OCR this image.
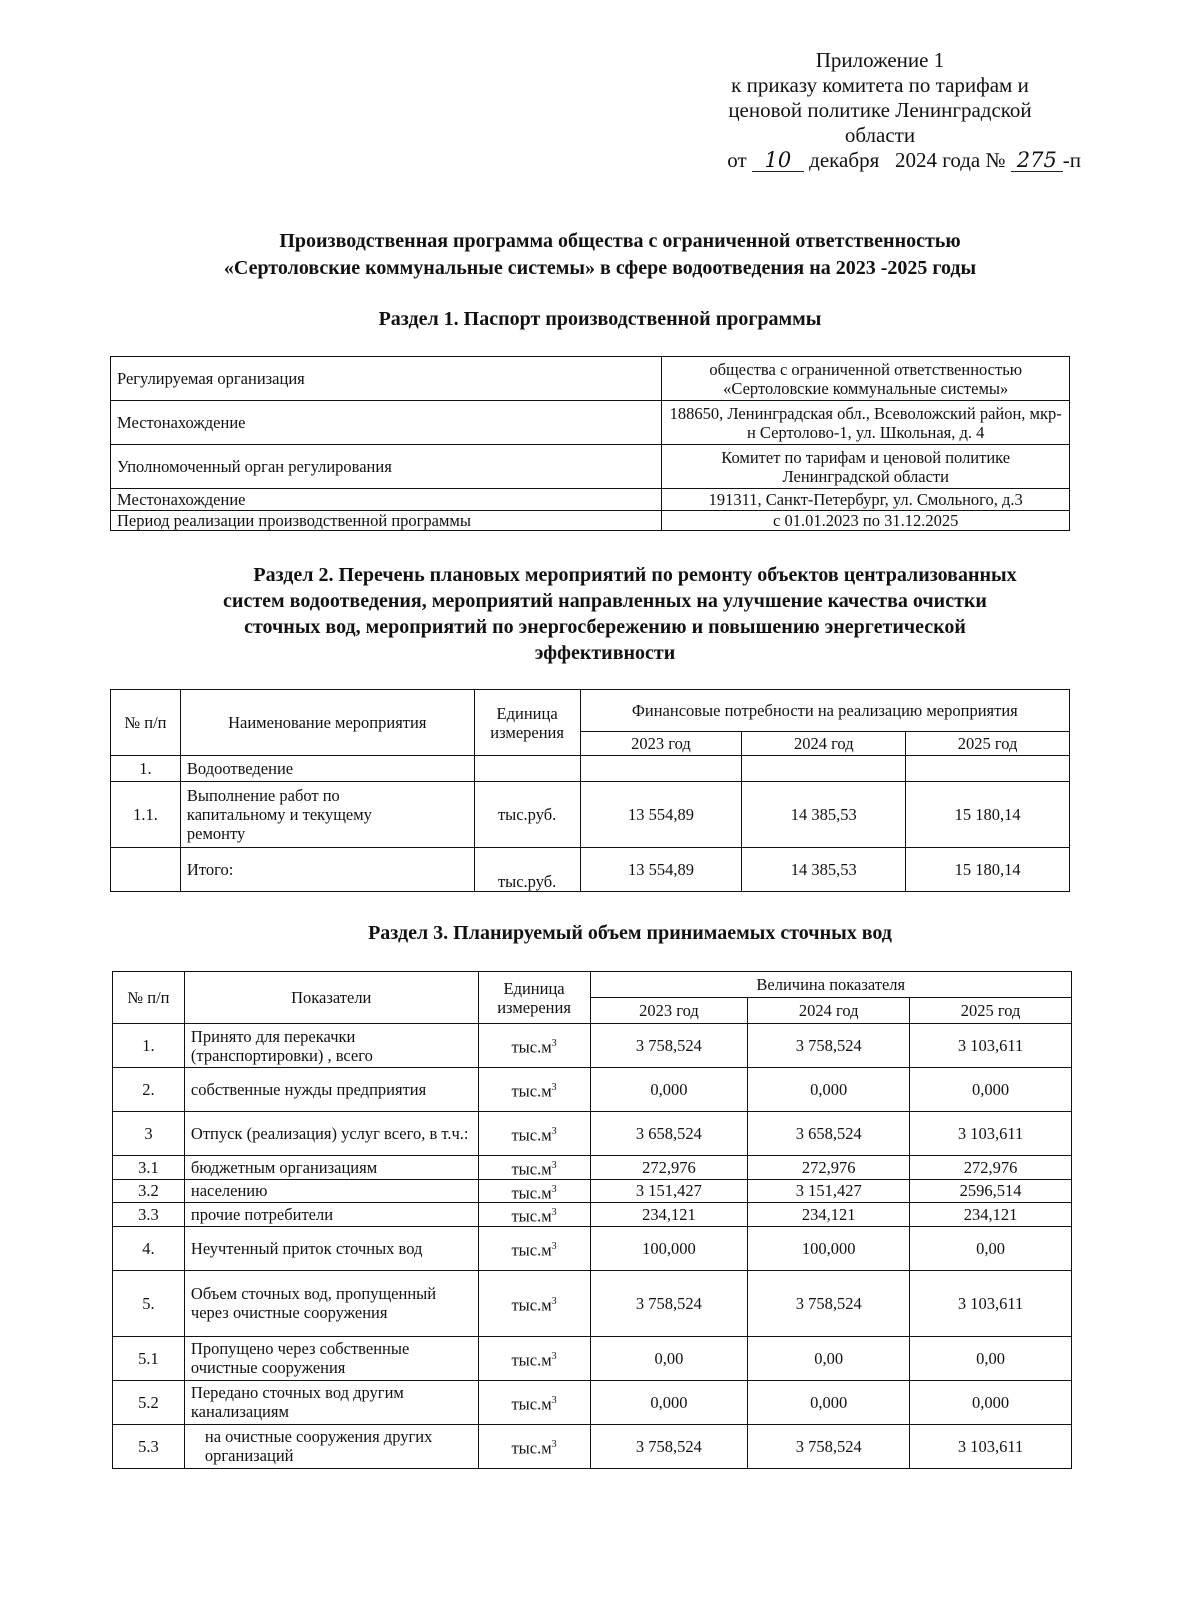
Приложение 1
к приказу комитета по тарифам и
ценовой политике Ленинградской
области
от 10 декабря   2024 года № 275 -п
Производственная программа общества с ограниченной ответственностью
«Сертоловские коммунальные системы» в сфере водоотведения на 2023 -2025 годы
Раздел 1. Паспорт производственной программы
Регулируемая организация	общества с ограниченной ответственностью «Сертоловские коммунальные системы»
Местонахождение	188650, Ленинградская обл., Всеволожский район, мкр-н Сертолово-1, ул. Школьная, д. 4
Уполномоченный орган регулирования	Комитет по тарифам и ценовой политике Ленинградской области
Местонахождение	191311, Санкт-Петербург, ул. Смольного, д.3
Период реализации производственной программы	с 01.01.2023 по 31.12.2025
Раздел 2. Перечень плановых мероприятий по ремонту объектов централизованных
систем водоотведения, мероприятий направленных на улучшение качества очистки
сточных вод, мероприятий по энергосбережению и повышению энергетической
эффективности
№ п/п	Наименование мероприятия	Единица измерения	Финансовые потребности на реализацию мероприятия		
			2023 год	2024 год	2025 год
1.	Водоотведение				
1.1.	Выполнение работ по капитальному и текущему ремонту	тыс.руб.	13 554,89	14 385,53	15 180,14
	Итого:	тыс.руб.	13 554,89	14 385,53	15 180,14
Раздел 3. Планируемый объем принимаемых сточных вод
№ п/п	Показатели	Единица измерения	Величина показателя		
			2023 год	2024 год	2025 год
1.	Принято для перекачки (транспортировки) , всего	$тыс.м^3$	3 758,524	3 758,524	3 103,611
2.	собственные нужды предприятия	$тыс.м^3$	0,000	0,000	0,000
3	Отпуск (реализация) услуг всего, в т.ч.:	$тыс.м^3$	3 658,524	3 658,524	3 103,611
3.1	бюджетным организациям	$тыс.м^3$	272,976	272,976	272,976
3.2	населению	$тыс.м^3$	3 151,427	3 151,427	2596,514
3.3	прочие потребители	$тыс.м^3$	234,121	234,121	234,121
4.	Неучтенный приток сточных вод	$тыс.м^3$	100,000	100,000	0,00
5.	Объем сточных вод, пропущенный через очистные сооружения	$тыс.м^3$	3 758,524	3 758,524	3 103,611
5.1	Пропущено через собственные очистные сооружения	$тыс.м^3$	0,00	0,00	0,00
5.2	Передано сточных вод другим канализациям	$тыс.м^3$	0,000	0,000	0,000
5.3	на очистные сооружения других организаций	$тыс.м^3$	3 758,524	3 758,524	3 103,611
